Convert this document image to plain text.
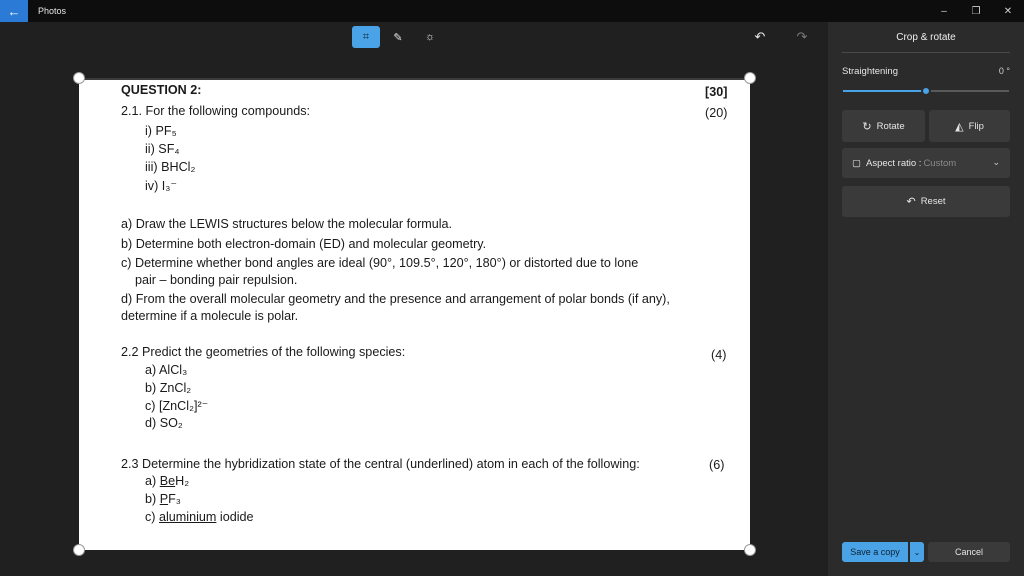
← Photos	– ❐ ✕
⌗ ✎ ☼	↶ ↷
QUESTION 2:	[30]
2.1. For the following compounds:	(20)
i) PF₅
ii) SF₄
iii) BHCl₂
iv) I₃⁻
a) Draw the LEWIS structures below the molecular formula.
b) Determine both electron-domain (ED) and molecular geometry.
c) Determine whether bond angles are ideal (90°, 109.5°, 120°, 180°) or distorted due to lone
pair – bonding pair repulsion.
d) From the overall molecular geometry and the presence and arrangement of polar bonds (if any),
determine if a molecule is polar.
2.2 Predict the geometries of the following species:	(4)
a) AlCl₃
b) ZnCl₂
c) [ZnCl₂]²⁻
d) SO₂
2.3 Determine the hybridization state of the central (underlined) atom in each of the following:	(6)
a) BeH₂
b) PF₃
c) aluminium iodide
Crop & rotate
Straightening	0 °
↻ Rotate	◭ Flip
▢ Aspect ratio : Custom	⌄
↶ Reset
Save a copy	⌄	Cancel
